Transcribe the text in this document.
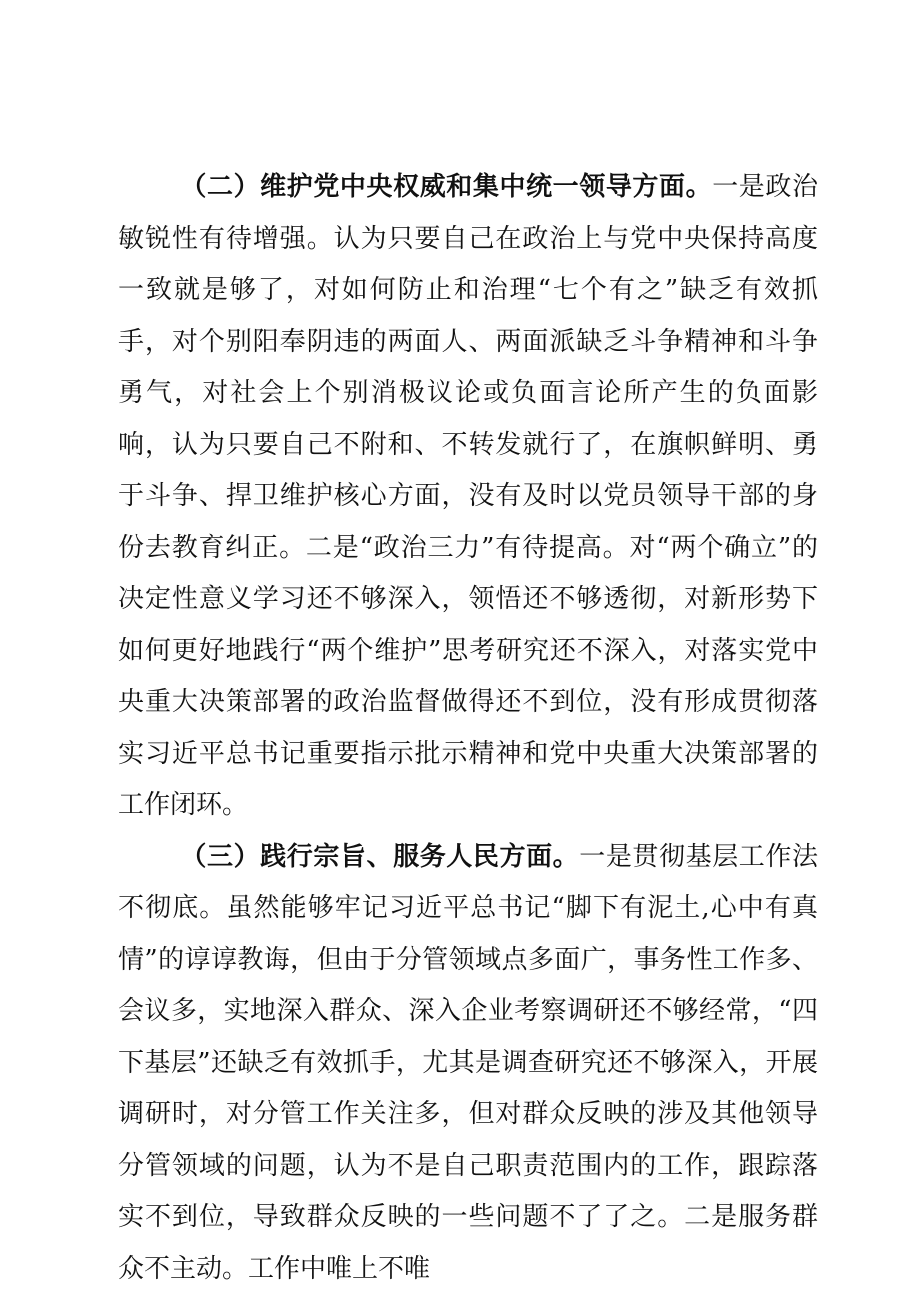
（二）维护党中央权威和集中统一领导方面。一是政治敏锐性有待增强。认为只要自己在政治上与党中央保持高度一致就是够了，对如何防止和治理“七个有之”缺乏有效抓手，对个别阳奉阴违的两面人、两面派缺乏斗争精神和斗争勇气，对社会上个别消极议论或负面言论所产生的负面影响，认为只要自己不附和、不转发就行了，在旗帜鲜明、勇于斗争、捍卫维护核心方面，没有及时以党员领导干部的身份去教育纠正。二是“政治三力”有待提高。对“两个确立”的决定性意义学习还不够深入，领悟还不够透彻，对新形势下如何更好地践行“两个维护”思考研究还不深入，对落实党中央重大决策部署的政治监督做得还不到位，没有形成贯彻落实习近平总书记重要指示批示精神和党中央重大决策部署的工作闭环。

（三）践行宗旨、服务人民方面。一是贯彻基层工作法不彻底。虽然能够牢记习近平总书记“脚下有泥土,心中有真情”的谆谆教诲，但由于分管领域点多面广，事务性工作多、会议多，实地深入群众、深入企业考察调研还不够经常，“四下基层”还缺乏有效抓手，尤其是调查研究还不够深入，开展调研时，对分管工作关注多，但对群众反映的涉及其他领导分管领域的问题，认为不是自己职责范围内的工作，跟踪落实不到位，导致群众反映的一些问题不了了之。二是服务群众不主动。工作中唯上不唯
